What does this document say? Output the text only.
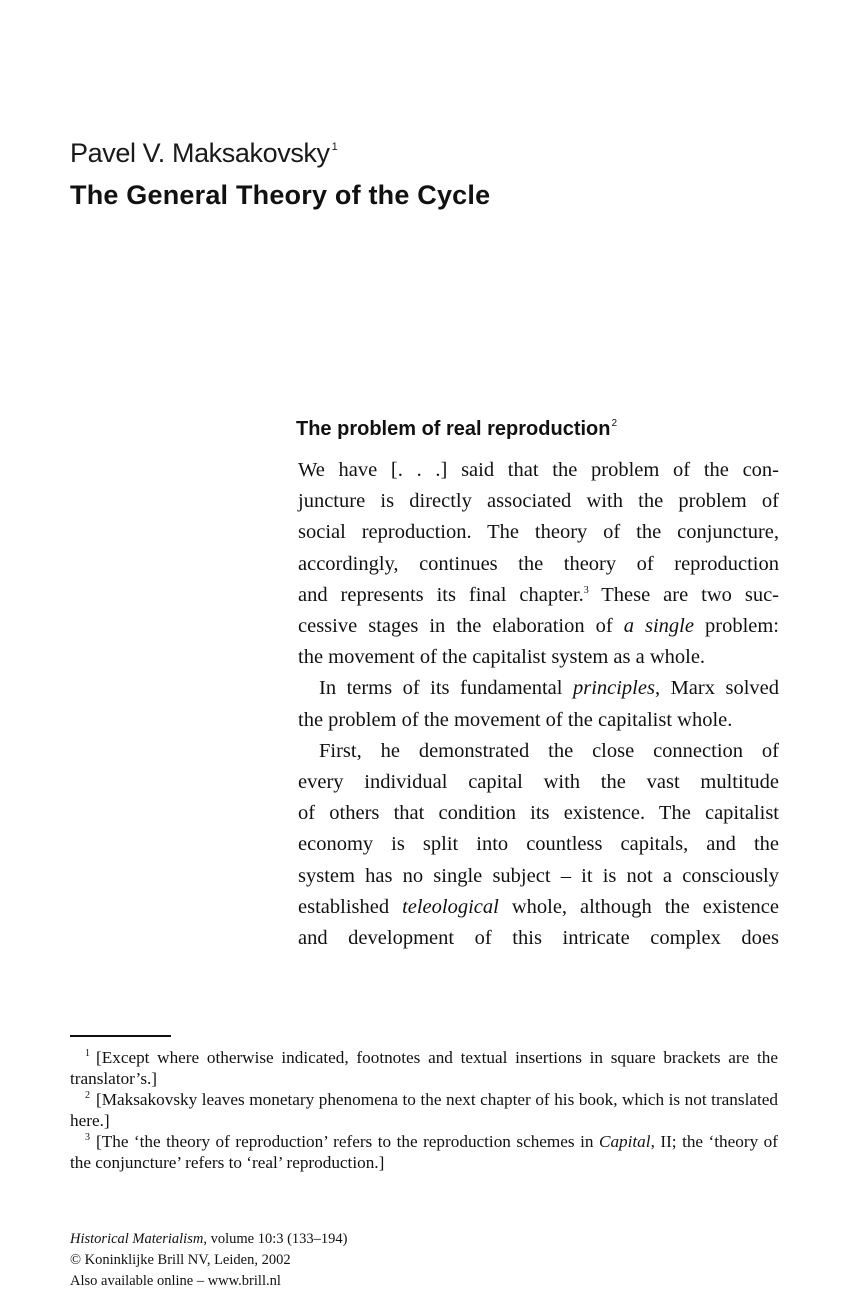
Pavel V. Maksakovsky $^1$
The General Theory of the Cycle
The problem of real reproduction$^2$

We have [. . .] said that the problem of the con-

juncture is directly associated with the problem of

social reproduction. The theory of the conjuncture,

accordingly, continues the theory of reproduction

and represents its final chapter.$^3$ These are two suc-

cessive stages in the elaboration of a single problem:

the movement of the capitalist system as a whole.

In terms of its fundamental principles, Marx solved

the problem of the movement of the capitalist whole.

First, he demonstrated the close connection of

every individual capital with the vast multitude

of others that condition its existence. The capitalist

economy is split into countless capitals, and the

system has no single subject – it is not a consciously

established teleological whole, although the existence

and development of this intricate complex does

$^1$ [Except where otherwise indicated, footnotes and textual insertions in square brackets are the translator’s.]

$^2$ [Maksakovsky leaves monetary phenomena to the next chapter of his book, which is not translated here.]

$^3$ [The ‘the theory of reproduction’ refers to the reproduction schemes in Capital, II; the ‘theory of the conjuncture’ refers to ‘real’ reproduction.]

Historical Materialism, volume 10:3 (133–194)
© Koninklijke Brill NV, Leiden, 2002
Also available online – www.brill.nl
